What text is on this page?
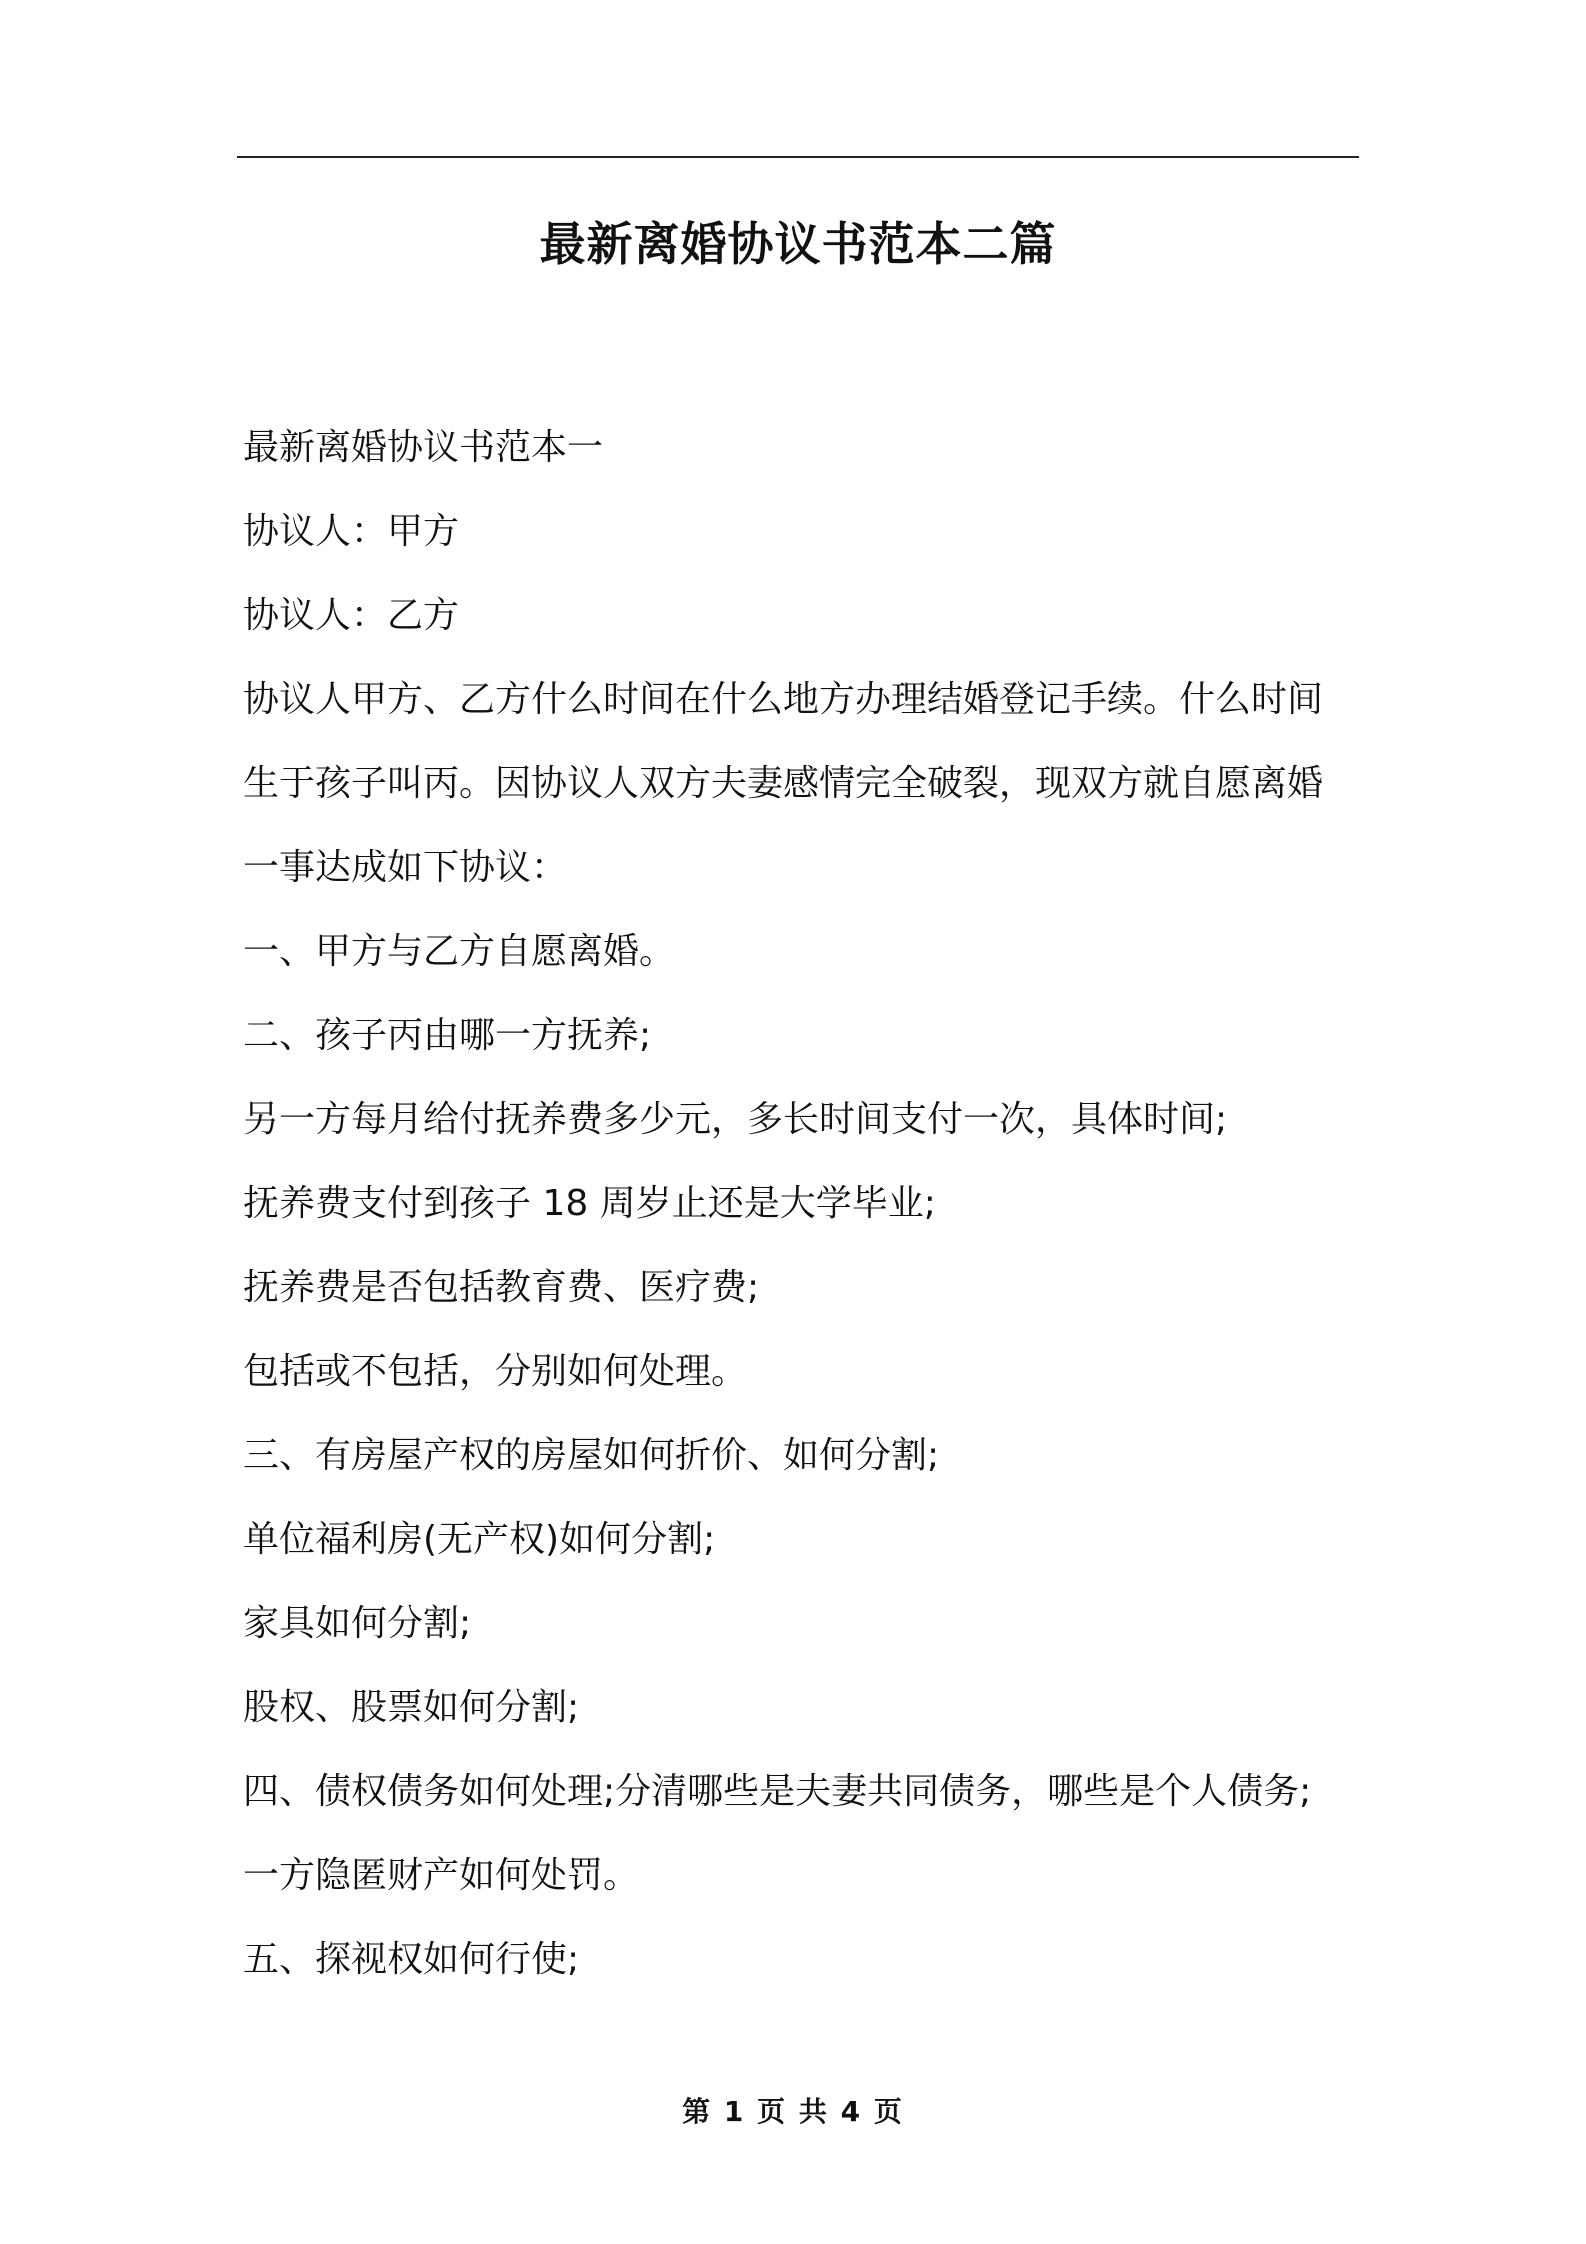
最新离婚协议书范本二篇

最新离婚协议书范本一

协议人：甲方

协议人：乙方

协议人甲方、乙方什么时间在什么地方办理结婚登记手续。什么时间

生于孩子叫丙。因协议人双方夫妻感情完全破裂，现双方就自愿离婚

一事达成如下协议：

一、甲方与乙方自愿离婚。

二、孩子丙由哪一方抚养;

另一方每月给付抚养费多少元，多长时间支付一次，具体时间;

抚养费支付到孩子 18 周岁止还是大学毕业;

抚养费是否包括教育费、医疗费;

包括或不包括，分别如何处理。

三、有房屋产权的房屋如何折价、如何分割;

单位福利房(无产权)如何分割;

家具如何分割;

股权、股票如何分割;

四、债权债务如何处理;分清哪些是夫妻共同债务，哪些是个人债务;

一方隐匿财产如何处罚。

五、探视权如何行使;

第 1 页 共 4 页
